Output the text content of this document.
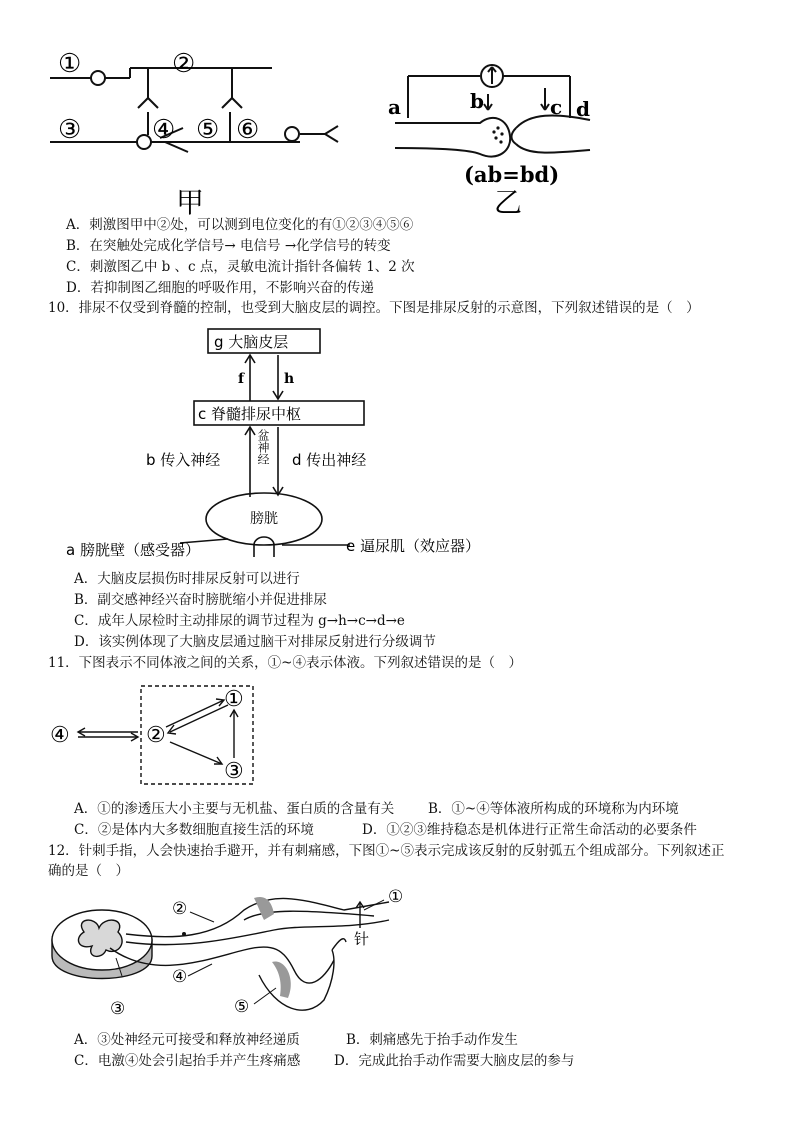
①	②
③	④ ⑤ ⑥
甲
a	b	c d
(ab=bd)
乙
A．刺激图甲中②处，可以测到电位变化的有①②③④⑤⑥
B．在突触处完成化学信号→ 电信号 →化学信号的转变
C．刺激图乙中 b 、c 点，灵敏电流计指针各偏转 1、2 次
D．若抑制图乙细胞的呼吸作用，不影响兴奋的传递
10．排尿不仅受到脊髓的控制，也受到大脑皮层的调控。下图是排尿反射的示意图，下列叙述错误的是（　）
g 大脑皮层
f	h
c 脊髓排尿中枢
b 传入神经	d 传出神经
盆神经
膀胱
a 膀胱壁（感受器）	e 逼尿肌（效应器）
A．大脑皮层损伤时排尿反射可以进行
B．副交感神经兴奋时膀胱缩小并促进排尿
C．成年人尿检时主动排尿的调节过程为 g→h→c→d→e
D．该实例体现了大脑皮层通过脑干对排尿反射进行分级调节
11．下图表示不同体液之间的关系，①~④表示体液。下列叙述错误的是（　）
④	②
①
③
A．①的渗透压大小主要与无机盐、蛋白质的含量有关	B．①~④等体液所构成的环境称为内环境
C．②是体内大多数细胞直接生活的环境	D．①②③维持稳态是机体进行正常生命活动的必要条件
12．针刺手指，人会快速抬手避开，并有刺痛感，下图①~⑤表示完成该反射的反射弧五个组成部分。下列叙述正
确的是（　）
①
②
③
④
⑤
针
A．③处神经元可接受和释放神经递质	B．刺痛感先于抬手动作发生
C．电激④处会引起抬手并产生疼痛感 D．完成此抬手动作需要大脑皮层的参与
